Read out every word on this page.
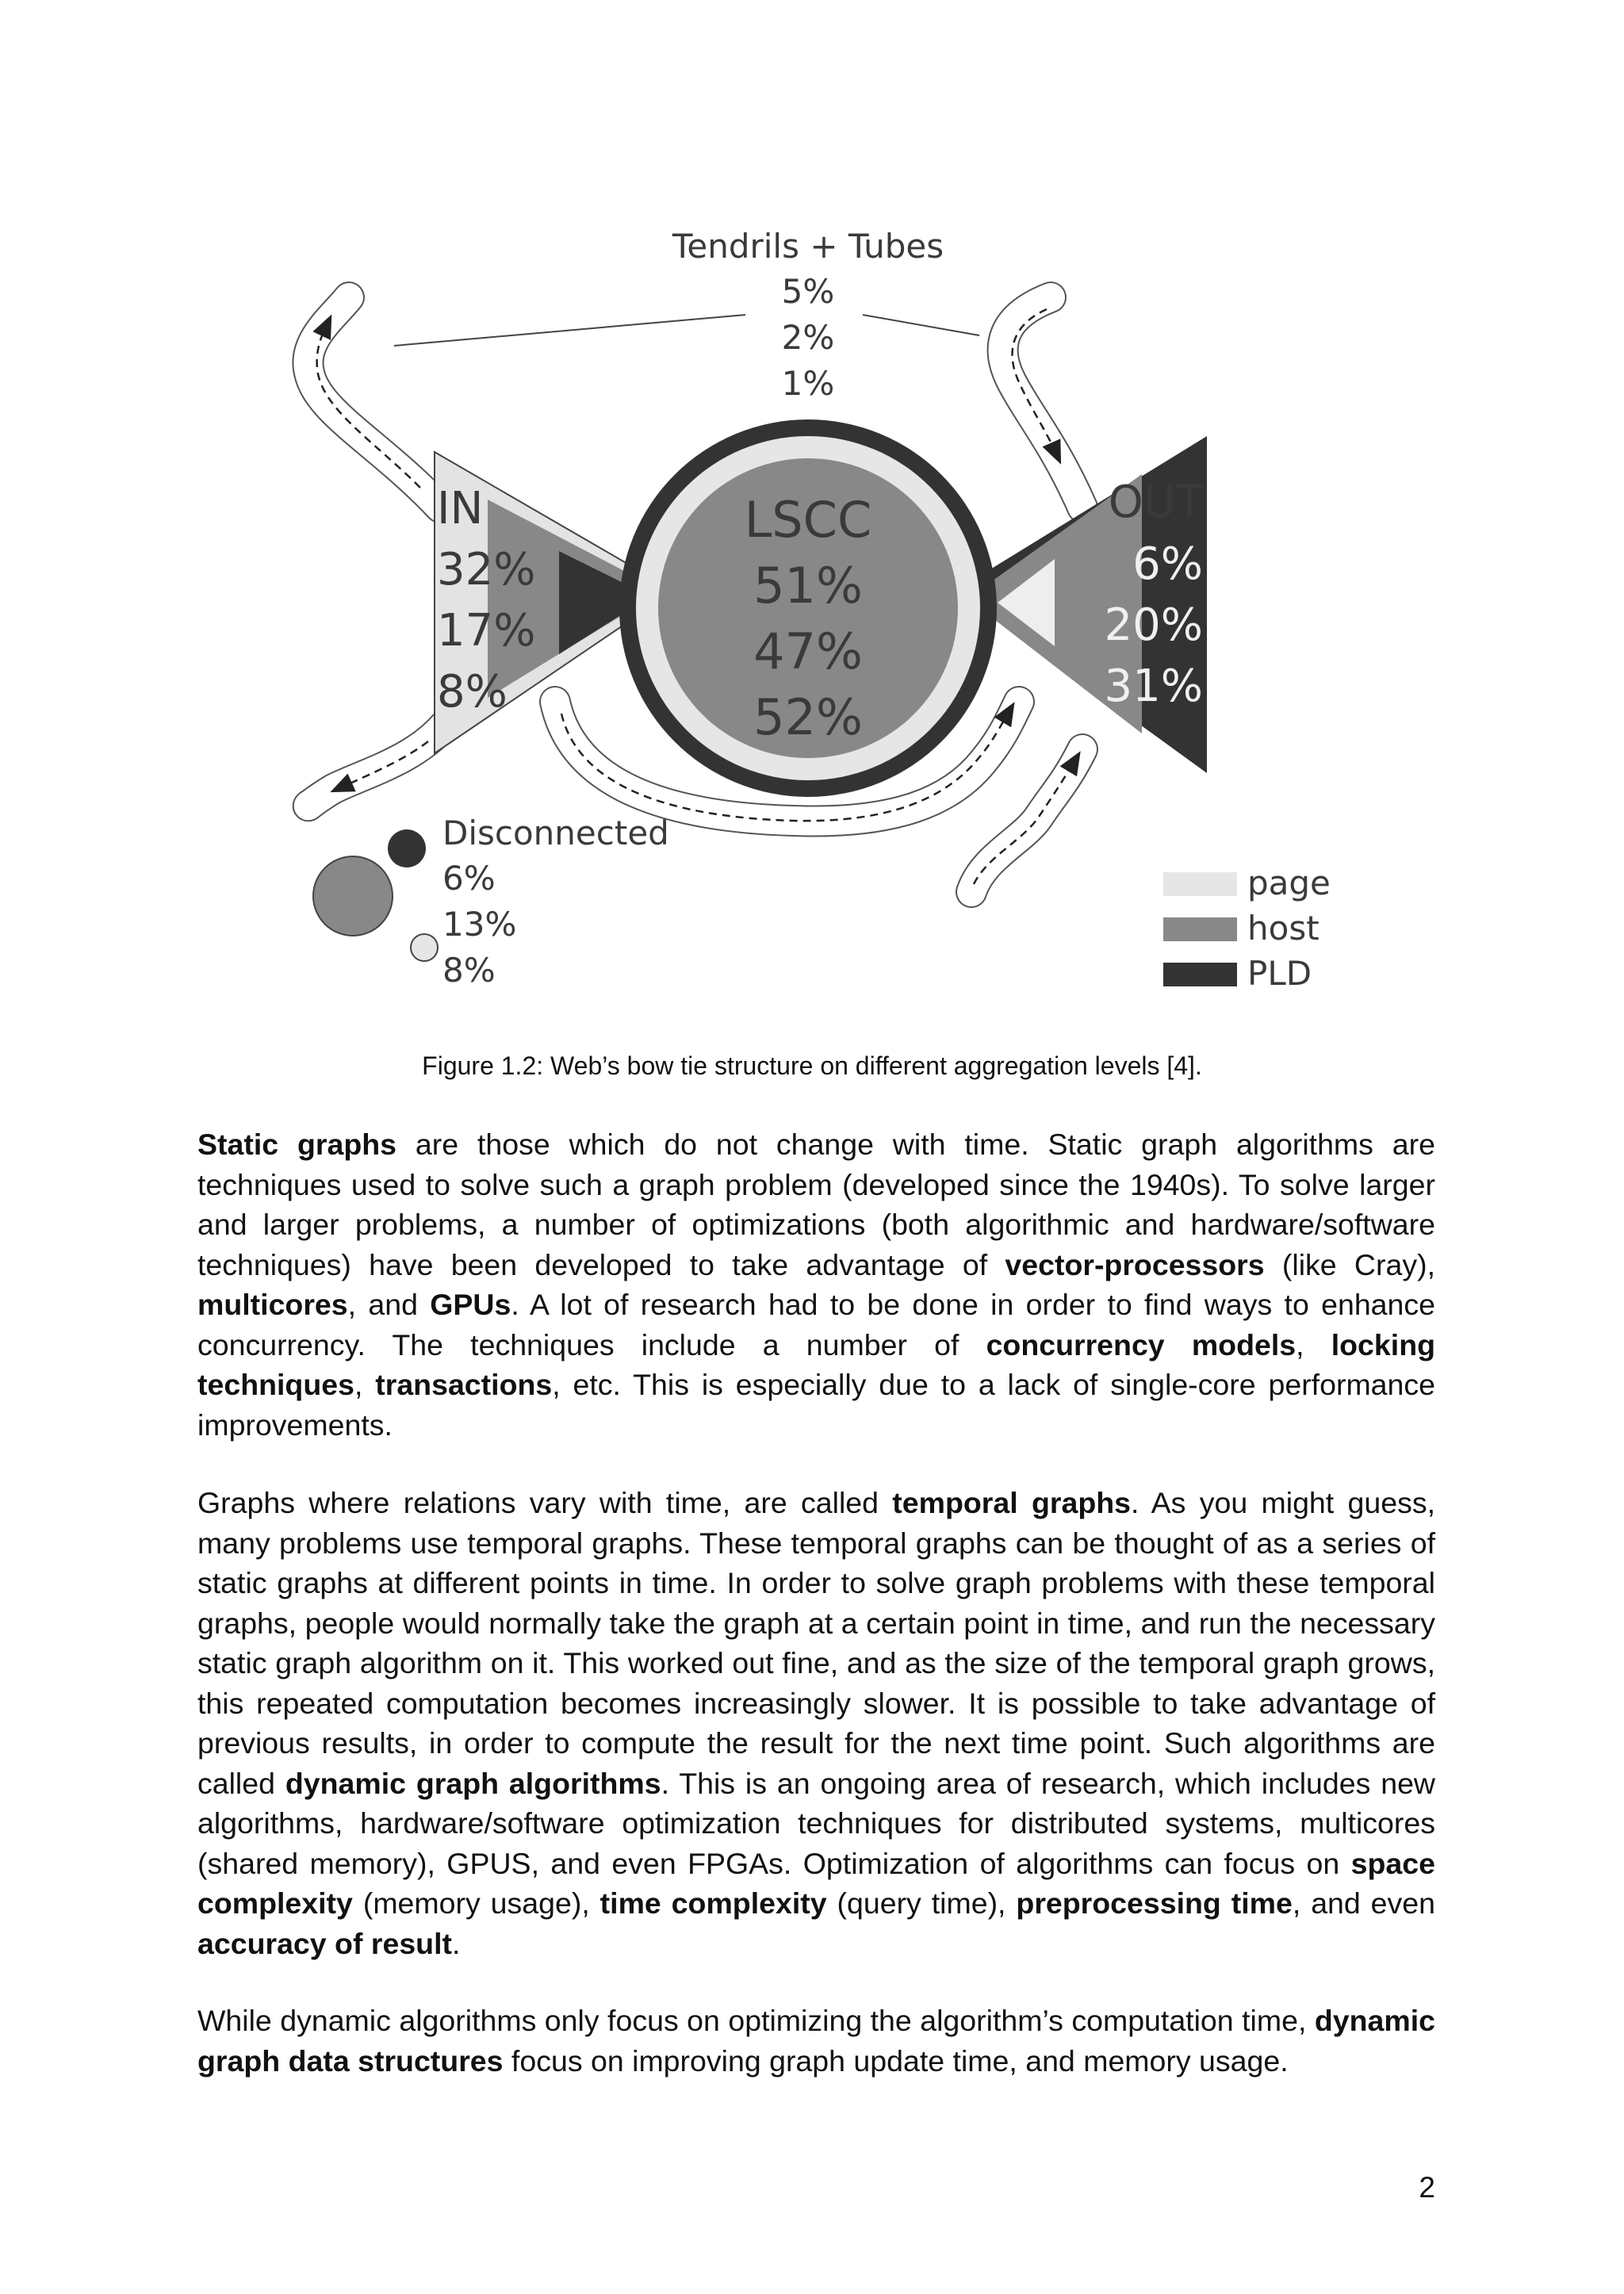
Tendrils + Tubes
5%
2%
1%
IN
32%
17%
8%
LSCC
51%
47%
52%
OUT
6%
20%
31%
Disconnected
6%
13%
8%
page
host
PLD
Figure 1.2: Web’s bow tie structure on different aggregation levels [4].

Static graphs are those which do not change with time. Static graph algorithms are techniques used to solve such a graph problem (developed since the 1940s). To solve larger and larger problems, a number of optimizations (both algorithmic and hardware/software techniques) have been developed to take advantage of vector-processors (like Cray), multicores, and GPUs. A lot of research had to be done in order to find ways to enhance concurrency. The techniques include a number of concurrency models, locking techniques, transactions, etc. This is especially due to a lack of single-core performance improvements.

Graphs where relations vary with time, are called temporal graphs. As you might guess, many problems use temporal graphs. These temporal graphs can be thought of as a series of static graphs at different points in time. In order to solve graph problems with these temporal graphs, people would normally take the graph at a certain point in time, and run the necessary static graph algorithm on it. This worked out fine, and as the size of the temporal graph grows, this repeated computation becomes increasingly slower. It is possible to take advantage of previous results, in order to compute the result for the next time point. Such algorithms are called dynamic graph algorithms. This is an ongoing area of research, which includes new algorithms, hardware/software optimization techniques for distributed systems, multicores (shared memory), GPUS, and even FPGAs. Optimization of algorithms can focus on space complexity (memory usage), time complexity (query time), preprocessing time, and even accuracy of result.

While dynamic algorithms only focus on optimizing the algorithm’s computation time, dynamic graph data structures focus on improving graph update time, and memory usage.

2
